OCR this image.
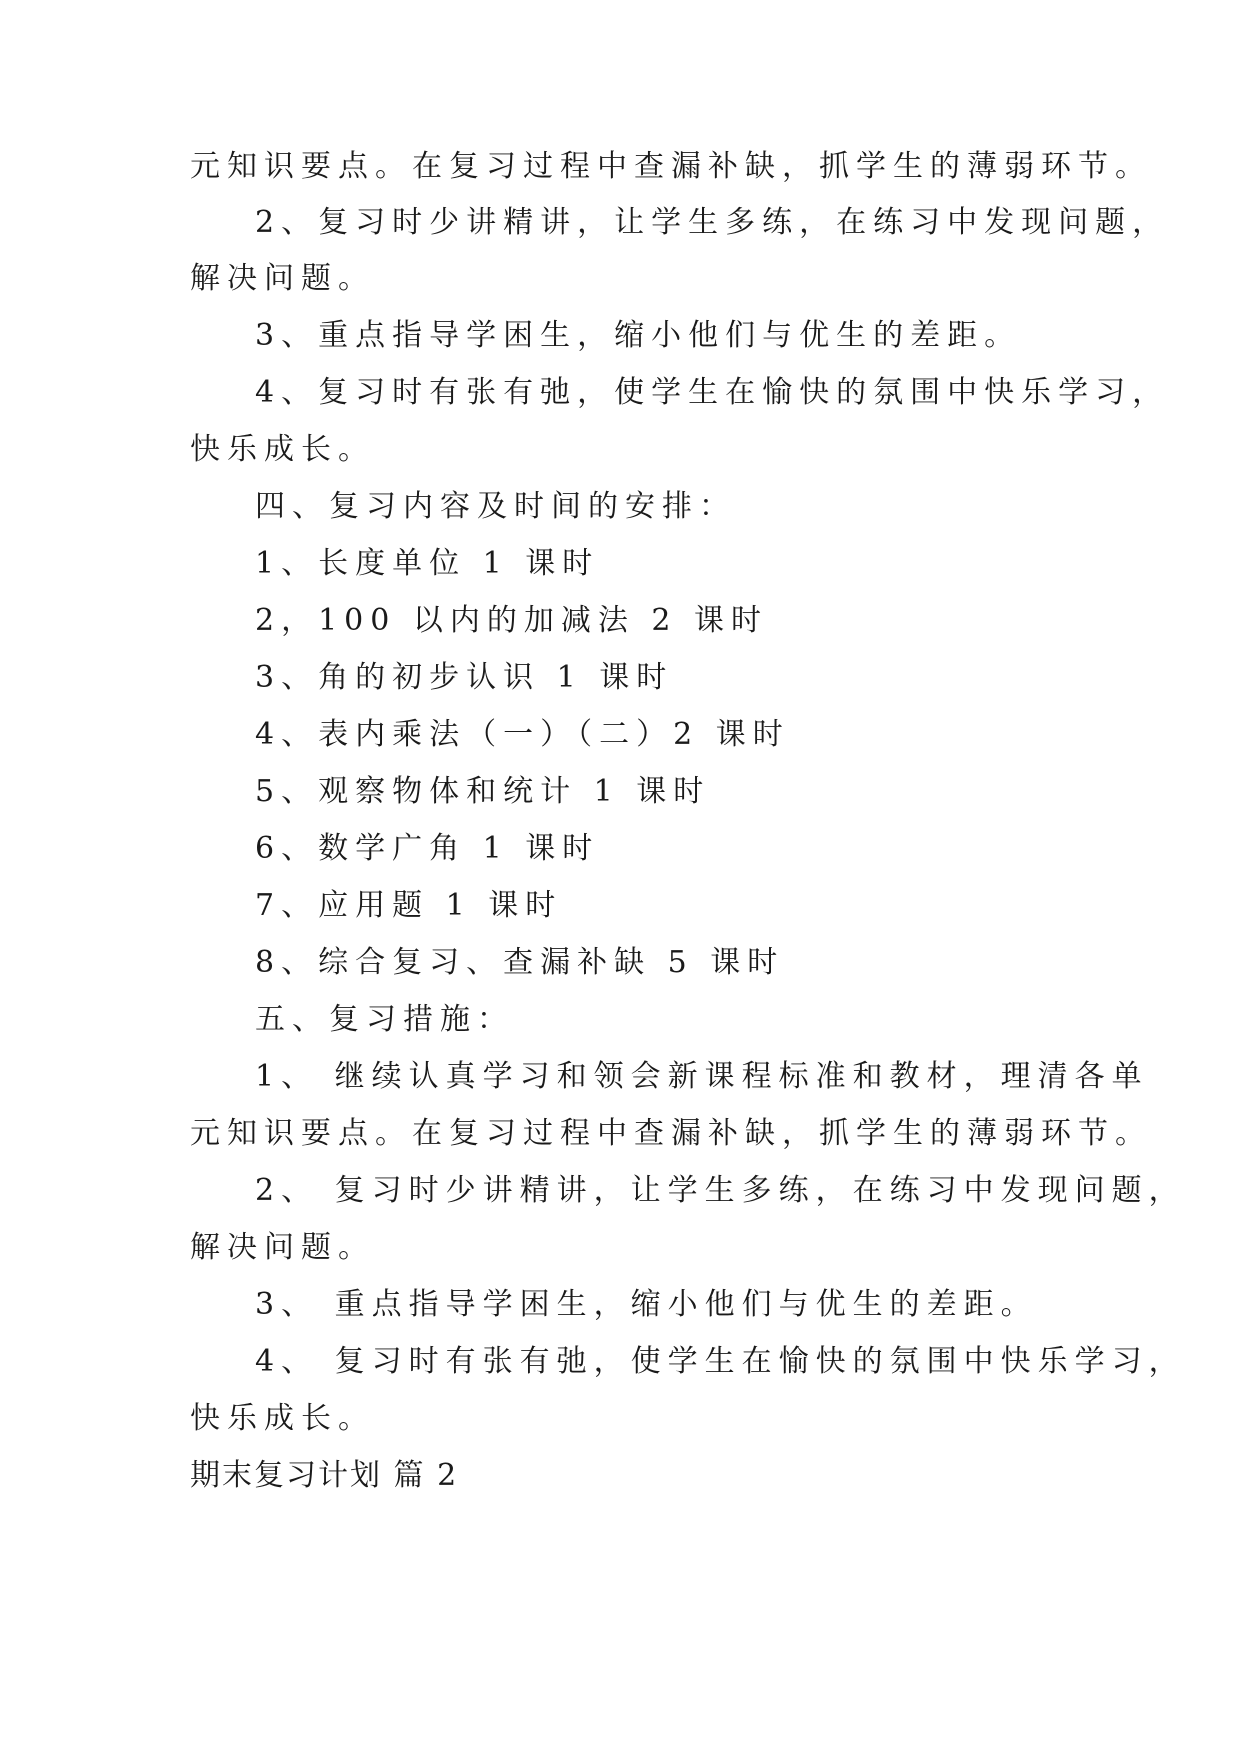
元知识要点。在复习过程中查漏补缺，抓学生的薄弱环节。
2、复习时少讲精讲，让学生多练，在练习中发现问题，
解决问题。
3、重点指导学困生，缩小他们与优生的差距。
4、复习时有张有弛，使学生在愉快的氛围中快乐学习，
快乐成长。
四、复习内容及时间的安排：
1、长度单位 1 课时
2，100 以内的加减法 2 课时
3、角的初步认识 1 课时
4、表内乘法（一）（二）2 课时
5、观察物体和统计 1 课时
6、数学广角 1 课时
7、应用题 1 课时
8、综合复习、查漏补缺 5 课时
五、复习措施：
1、 继续认真学习和领会新课程标准和教材，理清各单
元知识要点。在复习过程中查漏补缺，抓学生的薄弱环节。
2、 复习时少讲精讲，让学生多练，在练习中发现问题，
解决问题。
3、 重点指导学困生，缩小他们与优生的差距。
4、 复习时有张有弛，使学生在愉快的氛围中快乐学习，
快乐成长。
期末复习计划 篇 2
